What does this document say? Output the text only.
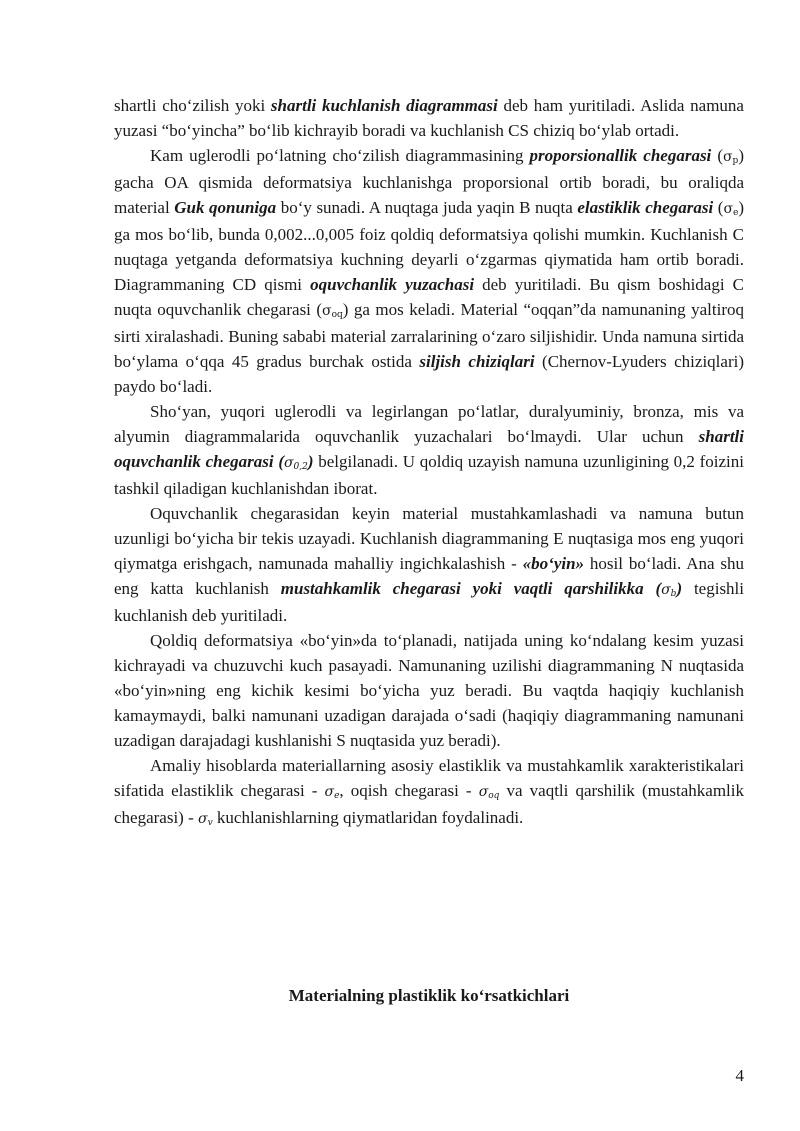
shartli cho‘zilish yoki shartli kuchlanish diagrammasi deb ham yuritiladi. Aslida namuna yuzasi “bo‘yincha” bo‘lib kichrayib boradi va kuchlanish CS chiziq bo‘ylab ortadi.

Kam uglerodli po‘latning cho‘zilish diagrammasining proporsionallik chegarasi $(\sigma_p)$ gacha OA qismida deformatsiya kuchlanishga proporsional ortib boradi, bu oraliqda material Guk qonuniga bo‘y sunadi. A nuqtaga juda yaqin B nuqta elastiklik chegarasi $(\sigma_e)$ ga mos bo‘lib, bunda 0,002...0,005 foiz qoldiq deformatsiya qolishi mumkin. Kuchlanish C nuqtaga yetganda deformatsiya kuchning deyarli o‘zgarmas qiymatida ham ortib boradi. Diagrammaning CD qismi oquvchanlik yuzachasi deb yuritiladi. Bu qism boshidagi C nuqta oquvchanlik chegarasi $(\sigma_{oq})$ ga mos keladi. Material “oqqan”da namunaning yaltiroq sirti xiralashadi. Buning sababi material zarralarining o‘zaro siljishidir. Unda namuna sirtida bo‘ylama o‘qqa 45 gradus burchak ostida siljish chiziqlari (Chernov-Lyuders chiziqlari) paydo bo‘ladi.

Sho‘yan, yuqori uglerodli va legirlangan po‘latlar, duralyuminiy, bronza, mis va alyumin diagrammalarida oquvchanlik yuzachalari bo‘lmaydi. Ular uchun shartli oquvchanlik chegarasi $(\sigma_{0,2})$ belgilanadi. U qoldiq uzayish namuna uzunligining 0,2 foizini tashkil qiladigan kuchlanishdan iborat.

Oquvchanlik chegarasidan keyin material mustahkamlashadi va namuna butun uzunligi bo‘yicha bir tekis uzayadi. Kuchlanish diagrammaning E nuqtasiga mos eng yuqori qiymatga erishgach, namunada mahalliy ingichkalashish - «bo‘yin» hosil bo‘ladi. Ana shu eng katta kuchlanish mustahkamlik chegarasi yoki vaqtli qarshilikka $(\sigma_b)$ tegishli kuchlanish deb yuritiladi.

Qoldiq deformatsiya «bo‘yin»da to‘planadi, natijada uning ko‘ndalang kesim yuzasi kichrayadi va chuzuvchi kuch pasayadi. Namunaning uzilishi diagrammaning N nuqtasida «bo‘yin»ning eng kichik kesimi bo‘yicha yuz beradi. Bu vaqtda haqiqiy kuchlanish kamaymaydi, balki namunani uzadigan darajada o‘sadi (haqiqiy diagrammaning namunani uzadigan darajadagi kushlanishi S nuqtasida yuz beradi).

Amaliy hisoblarda materiallarning asosiy elastiklik va mustahkamlik xarakteristikalari sifatida elastiklik chegarasi - $\sigma_e$, oqish chegarasi - $\sigma_{oq}$ va vaqtli qarshilik (mustahkamlik chegarasi) - $\sigma_v$ kuchlanishlarning qiymatlaridan foydalinadi.

Materialning plastiklik ko‘rsatkichlari
4
